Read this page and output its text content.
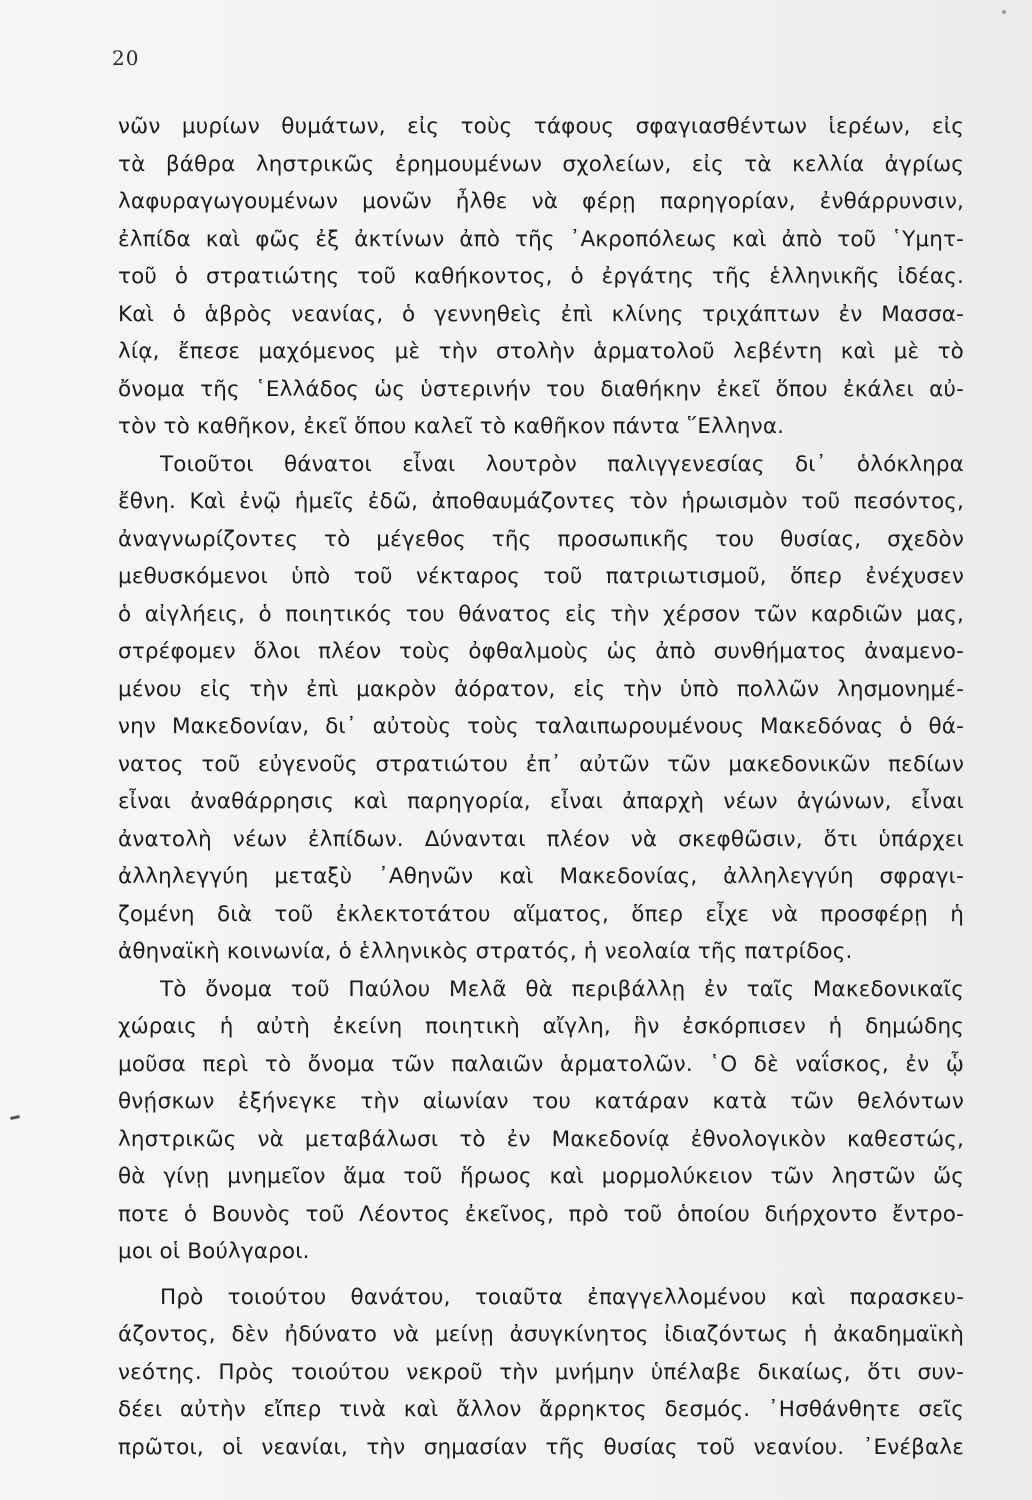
20
νῶν μυρίων θυμάτων, εἰς τοὺς τάφους σφαγιασθέντων ἱερέων, εἰς
τὰ βάθρα ληστρικῶς ἐρημουμένων σχολείων, εἰς τὰ κελλία ἀγρίως
λαφυραγωγουμένων μονῶν ἦλθε νὰ φέρῃ παρηγορίαν, ἐνθάρρυνσιν,
ἐλπίδα καὶ φῶς ἐξ ἀκτίνων ἀπὸ τῆς ᾿Ακροπόλεως καὶ ἀπὸ τοῦ ῾Υμητ-
τοῦ ὁ στρατιώτης τοῦ καθήκοντος, ὁ ἐργάτης τῆς ἑλληνικῆς ἰδέας.
Καὶ ὁ ἁβρὸς νεανίας, ὁ γεννηθεὶς ἐπὶ κλίνης τριχάπτων ἐν Μασσα-
λίᾳ, ἔπεσε μαχόμενος μὲ τὴν στολὴν ἁρματολοῦ λεβέντη καὶ μὲ τὸ
ὄνομα τῆς ῾Ελλάδος ὡς ὑστερινήν του διαθήκην ἐκεῖ ὅπου ἐκάλει αὐ-
τὸν τὸ καθῆκον, ἐκεῖ ὅπου καλεῖ τὸ καθῆκον πάντα ῞Ελληνα.
Τοιοῦτοι θάνατοι εἶναι λουτρὸν παλιγγενεσίας δι᾿ ὁλόκληρα
ἔθνη. Καὶ ἐνῷ ἡμεῖς ἐδῶ, ἀποθαυμάζοντες τὸν ἡρωισμὸν τοῦ πεσόντος,
ἀναγνωρίζοντες τὸ μέγεθος τῆς προσωπικῆς του θυσίας, σχεδὸν
μεθυσκόμενοι ὑπὸ τοῦ νέκταρος τοῦ πατριωτισμοῦ, ὅπερ ἐνέχυσεν
ὁ αἰγλήεις, ὁ ποιητικός του θάνατος εἰς τὴν χέρσον τῶν καρδιῶν μας,
στρέφομεν ὅλοι πλέον τοὺς ὀφθαλμοὺς ὡς ἀπὸ συνθήματος ἀναμενο-
μένου εἰς τὴν ἐπὶ μακρὸν ἀόρατον, εἰς τὴν ὑπὸ πολλῶν λησμονημέ-
νην Μακεδονίαν, δι᾿ αὐτοὺς τοὺς ταλαιπωρουμένους Μακεδόνας ὁ θά-
νατος τοῦ εὐγενοῦς στρατιώτου ἐπ᾿ αὐτῶν τῶν μακεδονικῶν πεδίων
εἶναι ἀναθάρρησις καὶ παρηγορία, εἶναι ἀπαρχὴ νέων ἀγώνων, εἶναι
ἀνατολὴ νέων ἐλπίδων. Δύνανται πλέον νὰ σκεφθῶσιν, ὅτι ὑπάρχει
ἀλληλεγγύη μεταξὺ ᾿Αθηνῶν καὶ Μακεδονίας, ἀλληλεγγύη σφραγι-
ζομένη διὰ τοῦ ἐκλεκτοτάτου αἵματος, ὅπερ εἶχε νὰ προσφέρῃ ἡ
ἀθηναϊκὴ κοινωνία, ὁ ἑλληνικὸς στρατός, ἡ νεολαία τῆς πατρίδος.
Τὸ ὄνομα τοῦ Παύλου Μελᾶ θὰ περιβάλλῃ ἐν ταῖς Μακεδονικαῖς
χώραις ἡ αὐτὴ ἐκείνη ποιητικὴ αἴγλη, ἣν ἐσκόρπισεν ἡ δημώδης
μοῦσα περὶ τὸ ὄνομα τῶν παλαιῶν ἁρματολῶν. ῾Ο δὲ ναΐσκος, ἐν ᾧ
θνῄσκων ἐξήνεγκε τὴν αἰωνίαν του κατάραν κατὰ τῶν θελόντων
ληστρικῶς νὰ μεταβάλωσι τὸ ἐν Μακεδονίᾳ ἐθνολογικὸν καθεστώς,
θὰ γίνῃ μνημεῖον ἅμα τοῦ ἥρωος καὶ μορμολύκειον τῶν ληστῶν ὥς
ποτε ὁ Βουνὸς τοῦ Λέοντος ἐκεῖνος, πρὸ τοῦ ὁποίου διήρχοντο ἔντρο-
μοι οἱ Βούλγαροι.
Πρὸ τοιούτου θανάτου, τοιαῦτα ἐπαγγελλομένου καὶ παρασκευ-
άζοντος, δὲν ἠδύνατο νὰ μείνῃ ἀσυγκίνητος ἰδιαζόντως ἡ ἀκαδημαϊκὴ
νεότης. Πρὸς τοιούτου νεκροῦ τὴν μνήμην ὑπέλαβε δικαίως, ὅτι συν-
δέει αὐτὴν εἴπερ τινὰ καὶ ἄλλον ἄρρηκτος δεσμός. ᾿Ησθάνθητε σεῖς
πρῶτοι, οἱ νεανίαι, τὴν σημασίαν τῆς θυσίας τοῦ νεανίου. ᾿Ενέβαλε
